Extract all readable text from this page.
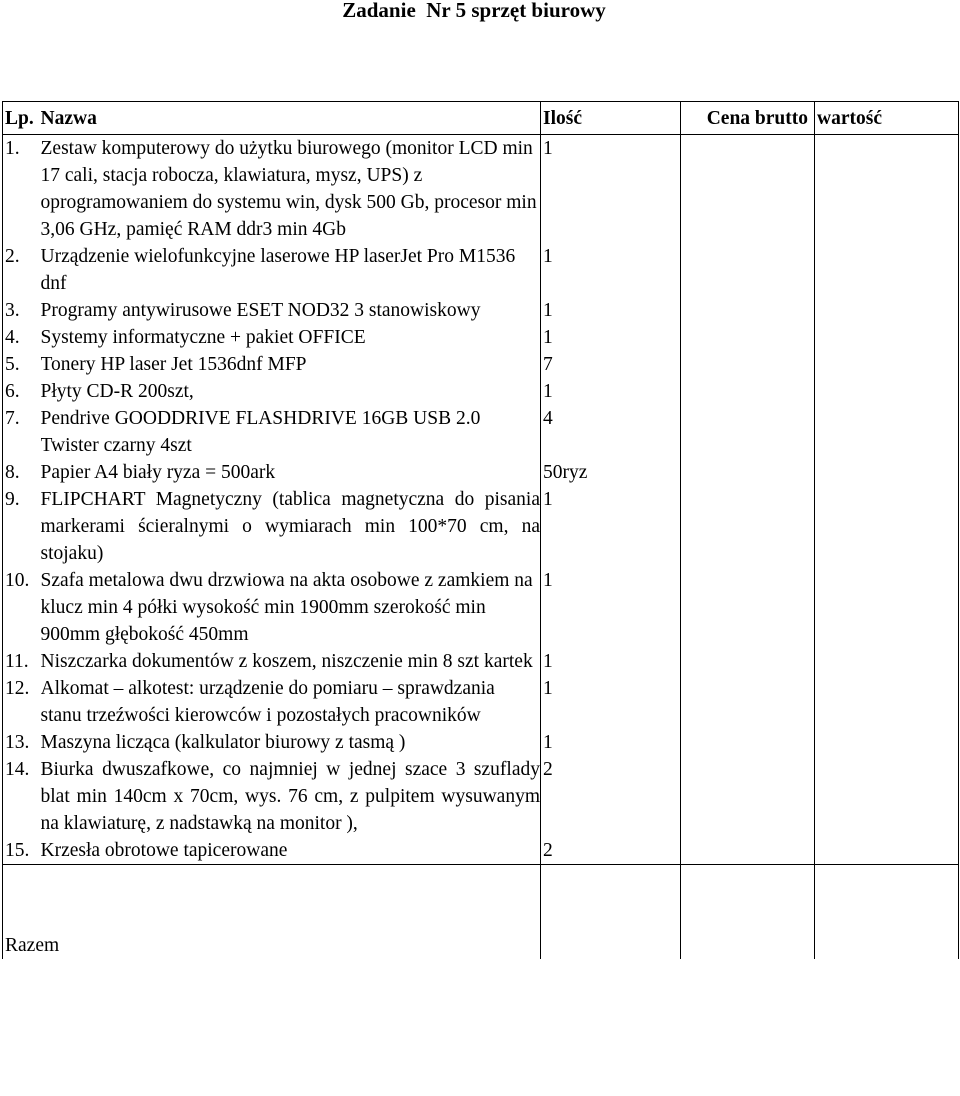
Zadanie  Nr 5 sprzęt biurowy
Lp.	Nazwa	Ilość	Cena brutto	wartość
1.	Zestaw komputerowy do użytku biurowego (monitor LCD min 17 cali, stacja robocza, klawiatura, mysz, UPS) z oprogramowaniem do systemu win, dysk 500 Gb, procesor min 3,06 GHz, pamięć RAM ddr3 min 4Gb	1		
2.	Urządzenie wielofunkcyjne laserowe HP laserJet Pro M1536 dnf	1		
3.	Programy antywirusowe ESET NOD32 3 stanowiskowy	1		
4.	Systemy informatyczne + pakiet OFFICE	1		
5.	Tonery HP laser Jet 1536dnf MFP	7		
6.	Płyty CD-R 200szt,	1		
7.	Pendrive GOODDRIVE FLASHDRIVE 16GB USB 2.0 Twister czarny 4szt	4		
8.	Papier A4 biały ryza = 500ark	50ryz		
9.	FLIPCHART Magnetyczny (tablica magnetyczna do pisania markerami ścieralnymi o wymiarach min 100*70 cm, na stojaku)	1		
10.	Szafa metalowa dwu drzwiowa na akta osobowe z zamkiem na klucz min 4 półki wysokość min 1900mm szerokość min 900mm głębokość 450mm	1		
11.	Niszczarka dokumentów z koszem, niszczenie min 8 szt kartek	1		
12.	Alkomat – alkotest: urządzenie do pomiaru – sprawdzania stanu trzeźwości kierowców i pozostałych pracowników	1		
13.	Maszyna licząca (kalkulator biurowy z tasmą )	1		
14.	Biurka dwuszafkowe, co najmniej w jednej szace 3 szuflady blat min 140cm x 70cm, wys. 76 cm, z pulpitem wysuwanym na klawiaturę, z nadstawką na monitor ),	2		
15.	Krzesła obrotowe tapicerowane	2		
Razem				
